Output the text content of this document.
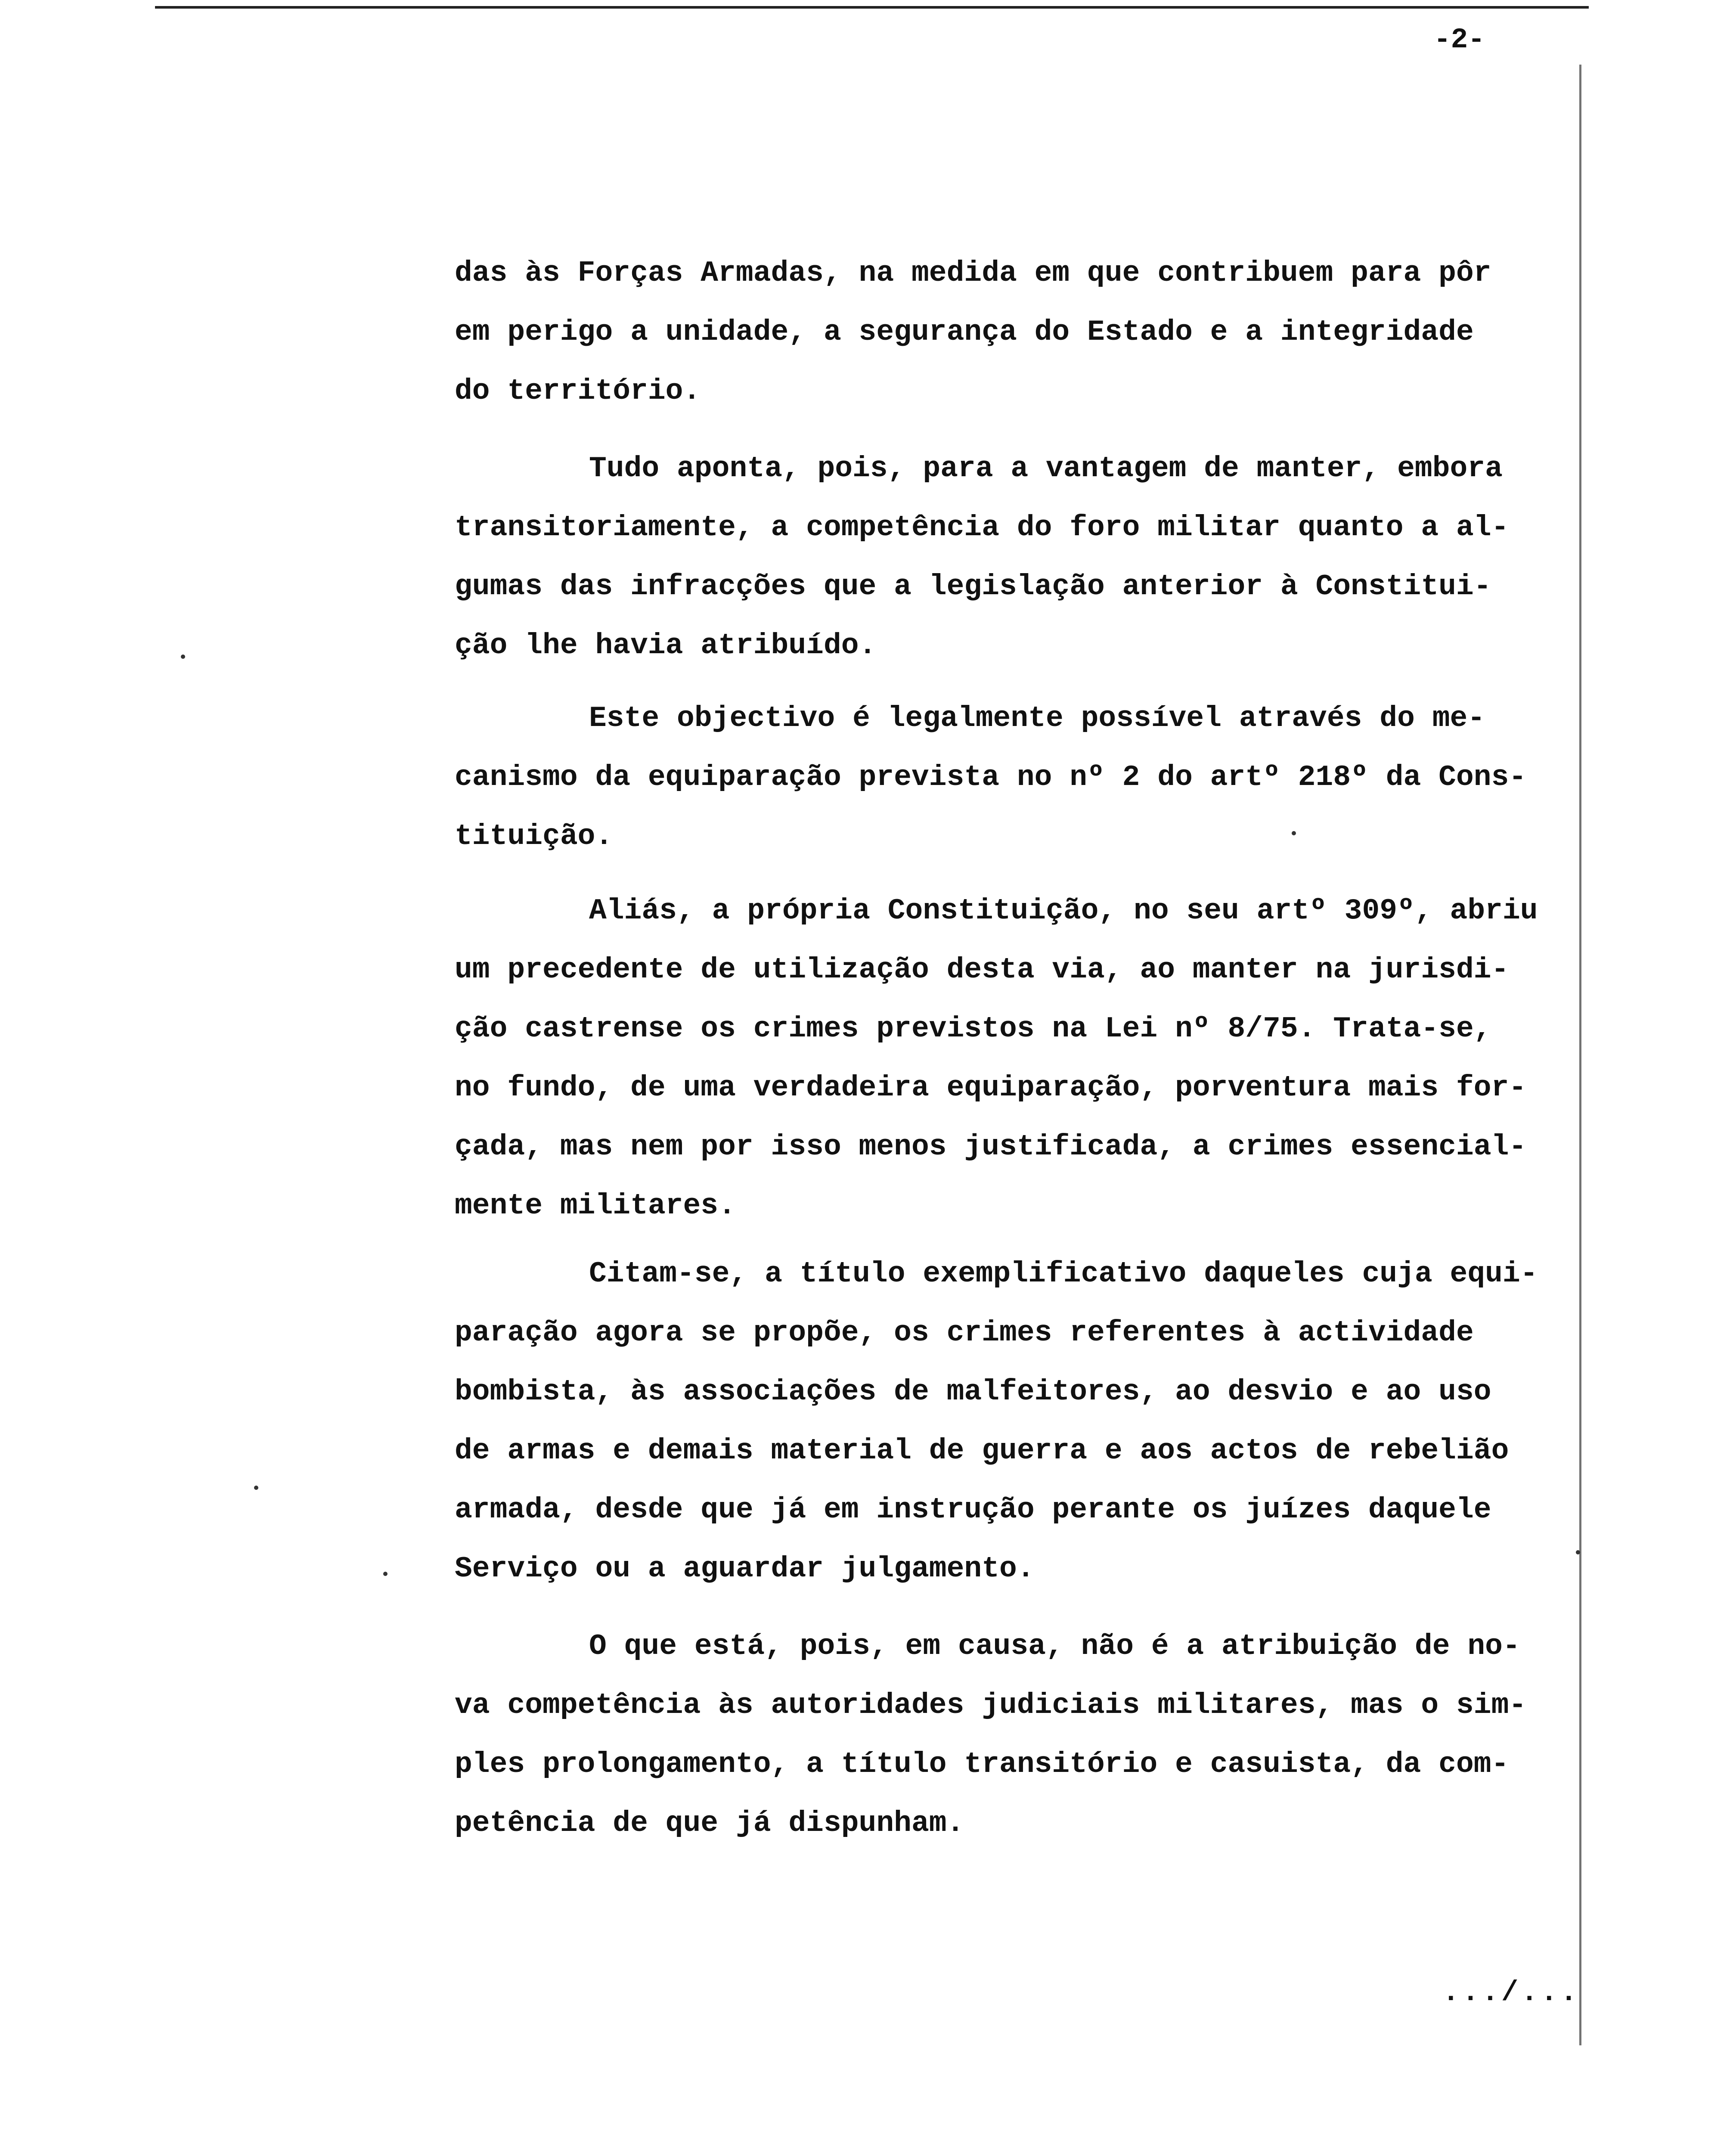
-2-
das às Forças Armadas, na medida em que contribuem para pôr
em perigo a unidade, a segurança do Estado e a integridade
do território.
Tudo aponta, pois, para a vantagem de manter, embora
transitoriamente, a competência do foro militar quanto a al-
gumas das infracções que a legislação anterior à Constitui-
ção lhe havia atribuído.
Este objectivo é legalmente possível através do me-
canismo da equiparação prevista no nº 2 do artº 218º da Cons-
tituição.
Aliás, a própria Constituição, no seu artº 309º, abriu
um precedente de utilização desta via, ao manter na jurisdi-
ção castrense os crimes previstos na Lei nº 8/75. Trata-se,
no fundo, de uma verdadeira equiparação, porventura mais for-
çada, mas nem por isso menos justificada, a crimes essencial-
mente militares.
Citam-se, a título exemplificativo daqueles cuja equi-
paração agora se propõe, os crimes referentes à actividade
bombista, às associações de malfeitores, ao desvio e ao uso
de armas e demais material de guerra e aos actos de rebelião
armada, desde que já em instrução perante os juízes daquele
Serviço ou a aguardar julgamento.
O que está, pois, em causa, não é a atribuição de no-
va competência às autoridades judiciais militares, mas o sim-
ples prolongamento, a título transitório e casuista, da com-
petência de que já dispunham.
.../...
